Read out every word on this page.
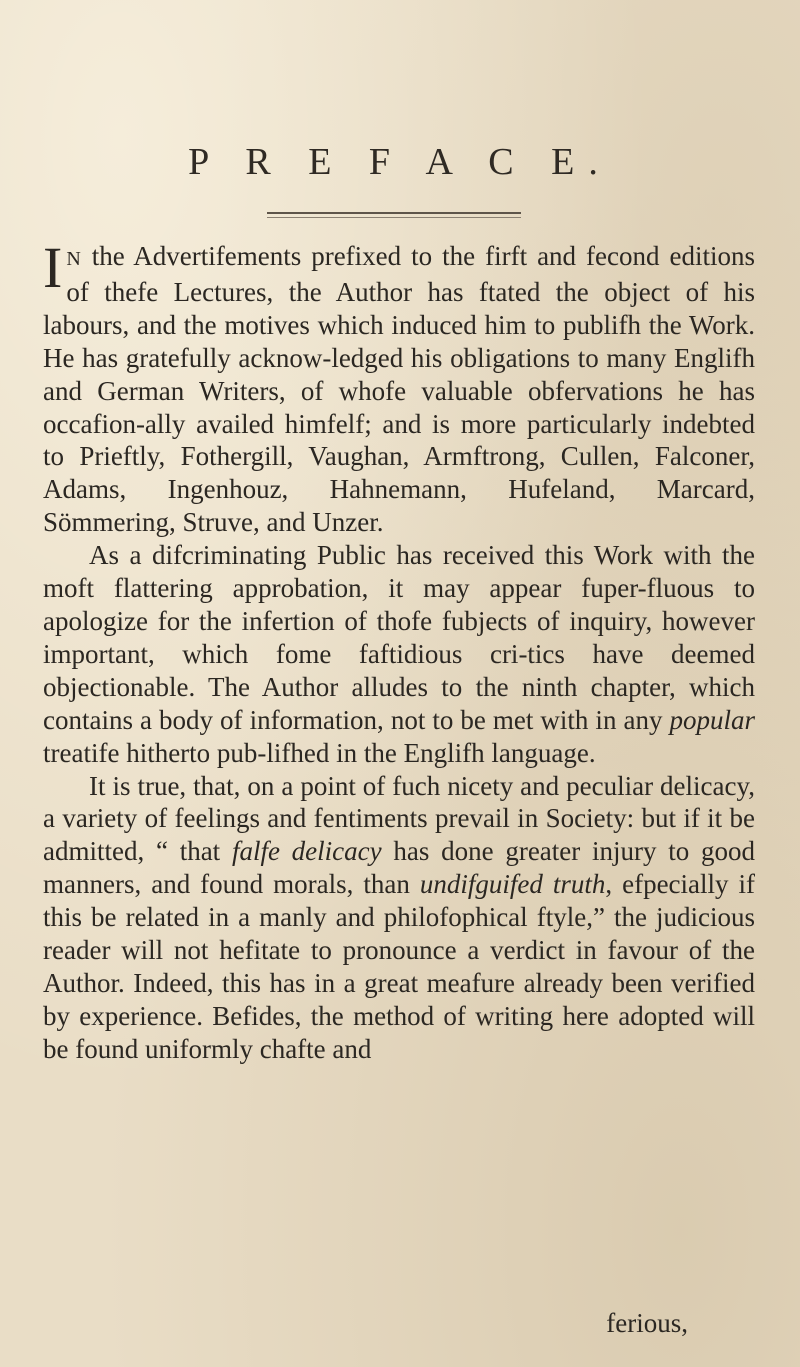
P R E F A C E.

I N the Advertifements prefixed to the firft and fecond editions of thefe Lectures, the Author has ftated the object of his labours, and the motives which induced him to publifh the Work. He has gratefully acknow-ledged his obligations to many Englifh and German Writers, of whofe valuable obfervations he has occafion-ally availed himfelf; and is more particularly indebted to Prieftly, Fothergill, Vaughan, Armftrong, Cullen, Falconer, Adams, Ingenhouz, Hahnemann, Hufeland, Marcard, Sömmering, Struve, and Unzer.

As a difcriminating Public has received this Work with the moft flattering approbation, it may appear fuper-fluous to apologize for the infertion of thofe fubjects of inquiry, however important, which fome faftidious cri-tics have deemed objectionable. The Author alludes to the ninth chapter, which contains a body of information, not to be met with in any popular treatife hitherto pub-lifhed in the Englifh language.

It is true, that, on a point of fuch nicety and peculiar delicacy, a variety of feelings and fentiments prevail in Society: but if it be admitted, “ that falfe delicacy has done greater injury to good manners, and found morals, than undifguifed truth, efpecially if this be related in a manly and philofophical ftyle,” the judicious reader will not hefitate to pronounce a verdict in favour of the Author. Indeed, this has in a great meafure already been verified by experience. Befides, the method of writing here adopted will be found uniformly chafte and

ferious,
